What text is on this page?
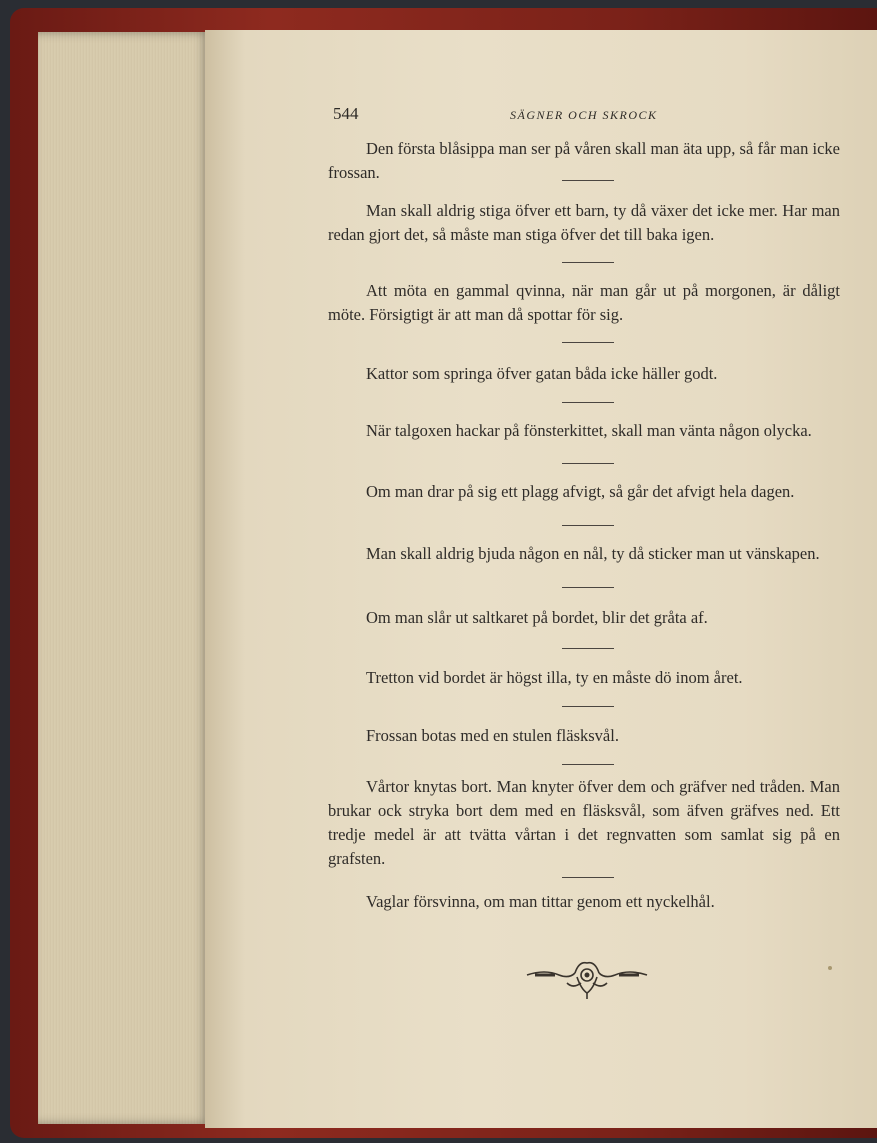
544	SÄGNER OCH SKROCK

Den första blåsippa man ser på våren skall man äta upp, så får man icke frossan.

Man skall aldrig stiga öfver ett barn, ty då växer det icke mer. Har man redan gjort det, så måste man stiga öfver det till baka igen.

Att möta en gammal qvinna, när man går ut på morgonen, är dåligt möte. Försigtigt är att man då spottar för sig.

Kattor som springa öfver gatan båda icke häller godt.

När talgoxen hackar på fönsterkittet, skall man vänta någon olycka.

Om man drar på sig ett plagg afvigt, så går det afvigt hela dagen.

Man skall aldrig bjuda någon en nål, ty då sticker man ut vänskapen.

Om man slår ut saltkaret på bordet, blir det gråta af.

Tretton vid bordet är högst illa, ty en måste dö inom året.

Frossan botas med en stulen fläsksvål.

Vårtor knytas bort. Man knyter öfver dem och gräfver ned tråden. Man brukar ock stryka bort dem med en fläsksvål, som äfven gräfves ned. Ett tredje medel är att tvätta vårtan i det regnvatten som samlat sig på en grafsten.

Vaglar försvinna, om man tittar genom ett nyckelhål.
